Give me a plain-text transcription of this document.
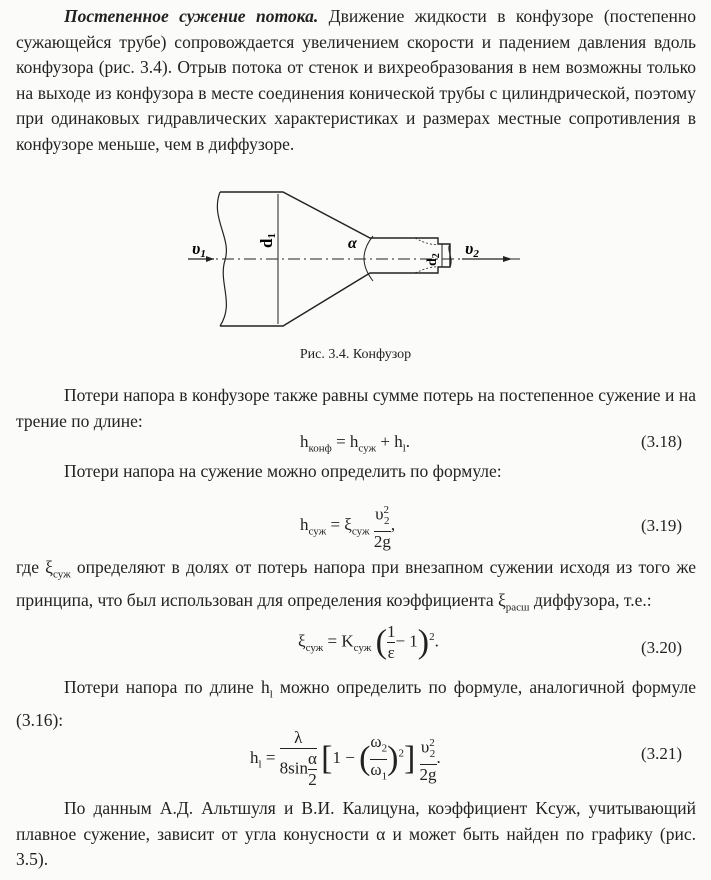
Постепенное сужение потока. Движение жидкости в конфузоре (постепенно сужающейся трубе) сопровождается увеличением скорости и падением давления вдоль конфузора (рис. 3.4). Отрыв потока от стенок и вихреобразования в нем возможны только на выходе из конфузора в месте соединения конической трубы с цилиндрической, поэтому при одинаковых гидравлических характеристиках и размерах местные сопротивления в конфузоре меньше, чем в диффузоре.

υ1
d1	α
$d_2$ υ2
Рис. 3.4. Конфузор

Потери напора в конфузоре также равны сумме потерь на постепенное сужение и на трение по длине:

$h_{конф} = h_{суж} + h_l$.	(3.18)

Потери напора на сужение можно определить по формуле:

$h_{суж} = \xi_{суж} \frac{\upsilon^2_2}{2g}$ ,	(3.19)

где $\xi_{суж}$ определяют в долях от потерь напора при внезапном сужении исходя из того же принципа, что был использован для определения коэффициента $\xi_{расш}$ диффузора, т.е.:

$\xi_{суж} = K_{суж}$ ( $\frac{1}{\varepsilon} - 1)^2$.	(3.20)

Потери напора по длине $h_l$ можно определить по формуле, аналогичной формуле (3.16):

$h_l = \frac{\lambda}{8\sin \frac{\alpha}{2}} [1$ − ( $\frac{\omega_2}{\omega_1} )^2] \frac{\upsilon^2_2}{2g}$ .	(3.21)

По данным А.Д. Альтшуля и В.И. Калицуна, коэффициент Kсуж, учитывающий плавное сужение, зависит от угла конусности α и может быть найден по графику (рис. 3.5).
